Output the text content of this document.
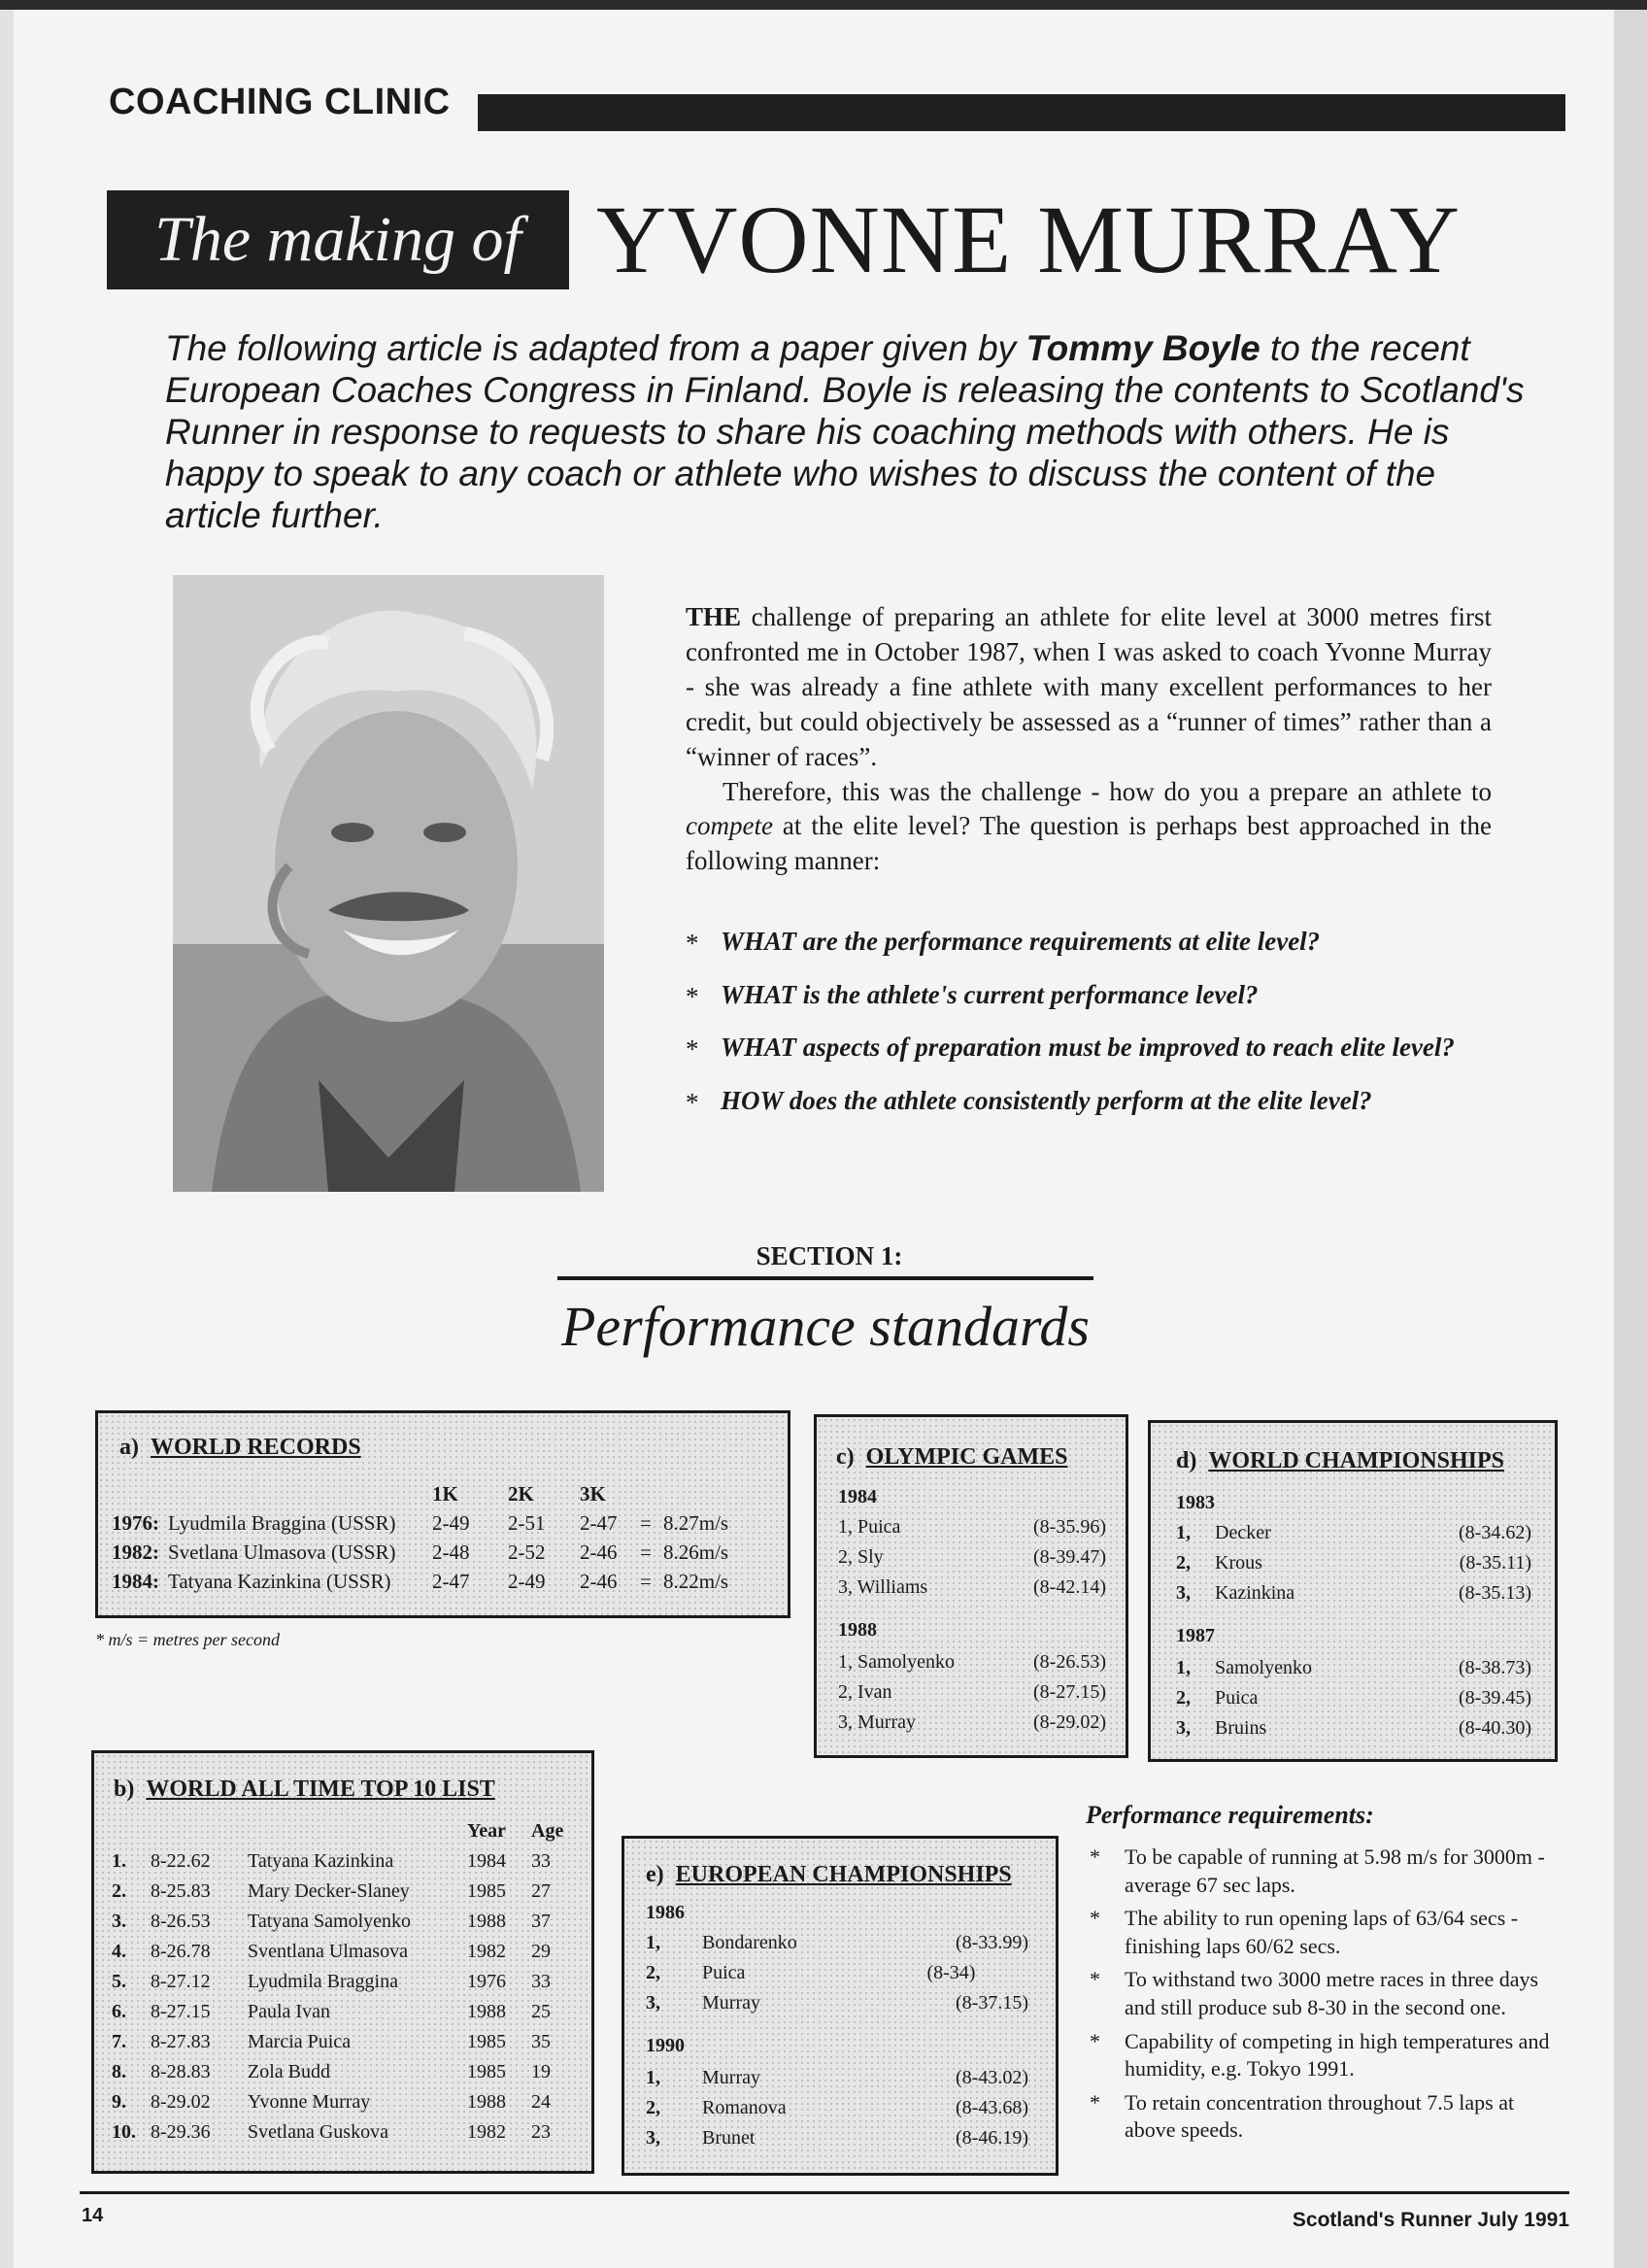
COACHING CLINIC
The making of YVONNE MURRAY
The following article is adapted from a paper given by Tommy Boyle to the recent European Coaches Congress in Finland. Boyle is releasing the contents to Scotland's Runner in response to requests to share his coaching methods with others. He is happy to speak to any coach or athlete who wishes to discuss the content of the article further.

THE challenge of preparing an athlete for elite level at 3000 metres first confronted me in October 1987, when I was asked to coach Yvonne Murray - she was already a fine athlete with many excellent performances to her credit, but could objectively be assessed as a “runner of times” rather than a “winner of races”.

Therefore, this was the challenge - how do you a prepare an athlete to compete at the elite level? The question is perhaps best approached in the following manner:

* WHAT are the performance requirements at elite level?
* WHAT is the athlete's current performance level?
* WHAT aspects of preparation must be improved to reach elite level?
* HOW does the athlete consistently perform at the elite level?
SECTION 1:
Performance standards
a) WORLD RECORDS
		1K	2K	3K		
1976:	Lyudmila Braggina (USSR)	2-49	2-51	2-47	=	8.27m/s
1982:	Svetlana Ulmasova (USSR)	2-48	2-52	2-46	=	8.26m/s
1984:	Tatyana Kazinkina (USSR)	2-47	2-49	2-46	=	8.22m/s
* m/s = metres per second
c) OLYMPIC GAMES
1984	
1, Puica	(8-35.96)
2, Sly	(8-39.47)
3, Williams	(8-42.14)
1988	
1, Samolyenko	(8-26.53)
2, Ivan	(8-27.15)
3, Murray	(8-29.02)
d) WORLD CHAMPIONSHIPS
1983		
1,	Decker	(8-34.62)
2,	Krous	(8-35.11)
3,	Kazinkina	(8-35.13)
1987		
1,	Samolyenko	(8-38.73)
2,	Puica	(8-39.45)
3,	Bruins	(8-40.30)
b) WORLD ALL TIME TOP 10 LIST
			Year	Age
1.	8-22.62	Tatyana Kazinkina	1984	33
2.	8-25.83	Mary Decker-Slaney	1985	27
3.	8-26.53	Tatyana Samolyenko	1988	37
4.	8-26.78	Sventlana Ulmasova	1982	29
5.	8-27.12	Lyudmila Braggina	1976	33
6.	8-27.15	Paula Ivan	1988	25
7.	8-27.83	Marcia Puica	1985	35
8.	8-28.83	Zola Budd	1985	19
9.	8-29.02	Yvonne Murray	1988	24
10.	8-29.36	Svetlana Guskova	1982	23
e) EUROPEAN CHAMPIONSHIPS
1986		
1,	Bondarenko	(8-33.99)
2,	Puica	(8-34)
3,	Murray	(8-37.15)
1990		
1,	Murray	(8-43.02)
2,	Romanova	(8-43.68)
3,	Brunet	(8-46.19)
Performance requirements:
* To be capable of running at 5.98 m/s for 3000m - average 67 sec laps.
* The ability to run opening laps of 63/64 secs - finishing laps 60/62 secs.
* To withstand two 3000 metre races in three days and still produce sub 8-30 in the second one.
* Capability of competing in high temperatures and humidity, e.g. Tokyo 1991.
* To retain concentration throughout 7.5 laps at above speeds.
14	Scotland's Runner July 1991
